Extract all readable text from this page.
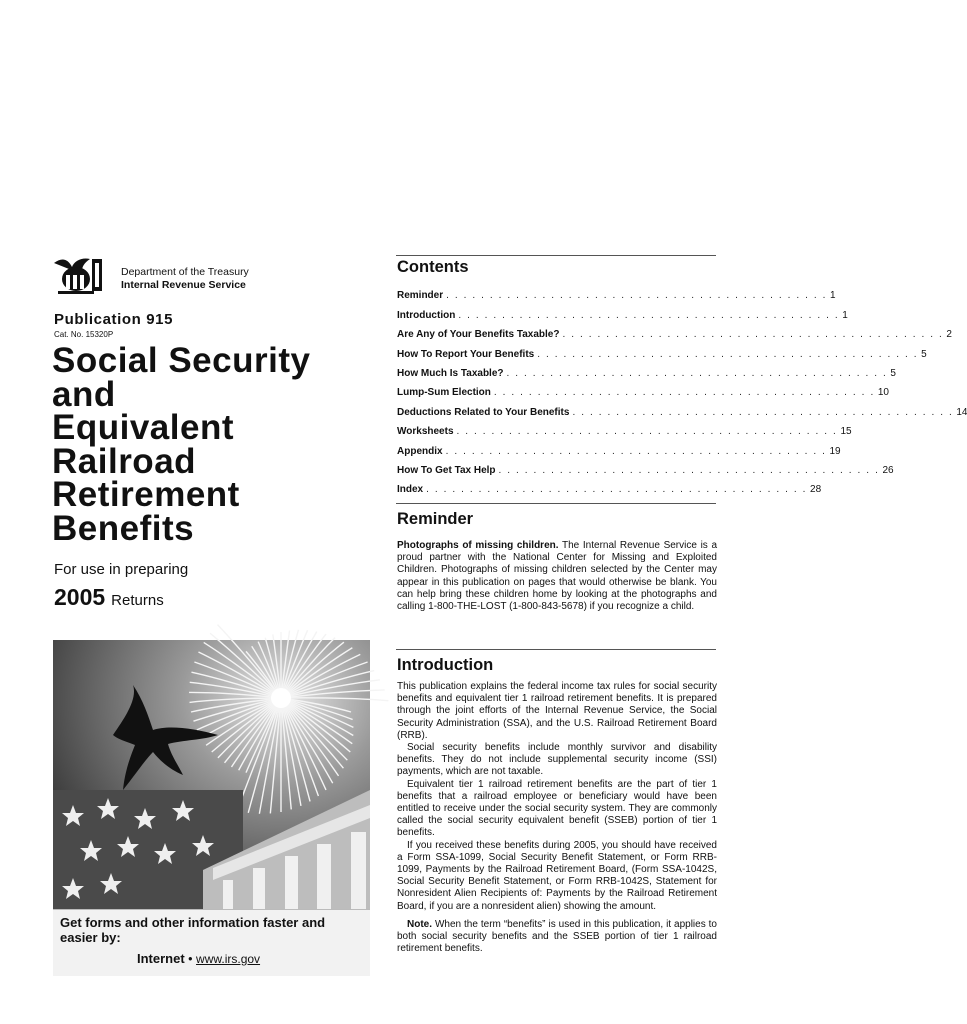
Department of the Treasury
Internal Revenue Service
Publication 915
Cat. No. 15320P
Social Security
and
Equivalent
Railroad
Retirement
Benefits
For use in preparing
2005 Returns
Get forms and other information faster and easier by:
Internet • www.irs.gov
Contents
Reminder . . . . . . . . . . . . . . . . . . . . . . . . . . . . . . . . . . . . . . . . . . . . 1
Introduction . . . . . . . . . . . . . . . . . . . . . . . . . . . . . . . . . . . . . . . . . . . . 1
Are Any of Your Benefits Taxable? . . . . . . . . . . . . . . . . . . . . . . . . . . . . . . . . . . . . . . . . . . . . 2
How To Report Your Benefits . . . . . . . . . . . . . . . . . . . . . . . . . . . . . . . . . . . . . . . . . . . . 5
How Much Is Taxable? . . . . . . . . . . . . . . . . . . . . . . . . . . . . . . . . . . . . . . . . . . . . 5
Lump-Sum Election . . . . . . . . . . . . . . . . . . . . . . . . . . . . . . . . . . . . . . . . . . . . 10
Deductions Related to Your Benefits . . . . . . . . . . . . . . . . . . . . . . . . . . . . . . . . . . . . . . . . . . . . 14
Worksheets . . . . . . . . . . . . . . . . . . . . . . . . . . . . . . . . . . . . . . . . . . . . 15
Appendix . . . . . . . . . . . . . . . . . . . . . . . . . . . . . . . . . . . . . . . . . . . . 19
How To Get Tax Help . . . . . . . . . . . . . . . . . . . . . . . . . . . . . . . . . . . . . . . . . . . . 26
Index . . . . . . . . . . . . . . . . . . . . . . . . . . . . . . . . . . . . . . . . . . . . 28
Reminder

Photographs of missing children. The Internal Revenue Service is a proud partner with the National Center for Missing and Exploited Children. Photographs of missing children selected by the Center may appear in this publication on pages that would otherwise be blank. You can help bring these children home by looking at the photographs and calling 1-800-THE-LOST (1-800-843-5678) if you recognize a child.

Introduction

This publication explains the federal income tax rules for social security benefits and equivalent tier 1 railroad retirement benefits. It is prepared through the joint efforts of the Internal Revenue Service, the Social Security Administration (SSA), and the U.S. Railroad Retirement Board (RRB).

Social security benefits include monthly survivor and disability benefits. They do not include supplemental security income (SSI) payments, which are not taxable.

Equivalent tier 1 railroad retirement benefits are the part of tier 1 benefits that a railroad employee or beneficiary would have been entitled to receive under the social security system. They are commonly called the social security equivalent benefit (SSEB) portion of tier 1 benefits.

If you received these benefits during 2005, you should have received a Form SSA-1099, Social Security Benefit Statement, or Form RRB-1099, Payments by the Railroad Retirement Board, (Form SSA-1042S, Social Security Benefit Statement, or Form RRB-1042S, Statement for Nonresident Alien Recipients of: Payments by the Railroad Retirement Board, if you are a nonresident alien) showing the amount.

Note. When the term “benefits” is used in this publication, it applies to both social security benefits and the SSEB portion of tier 1 railroad retirement benefits.
